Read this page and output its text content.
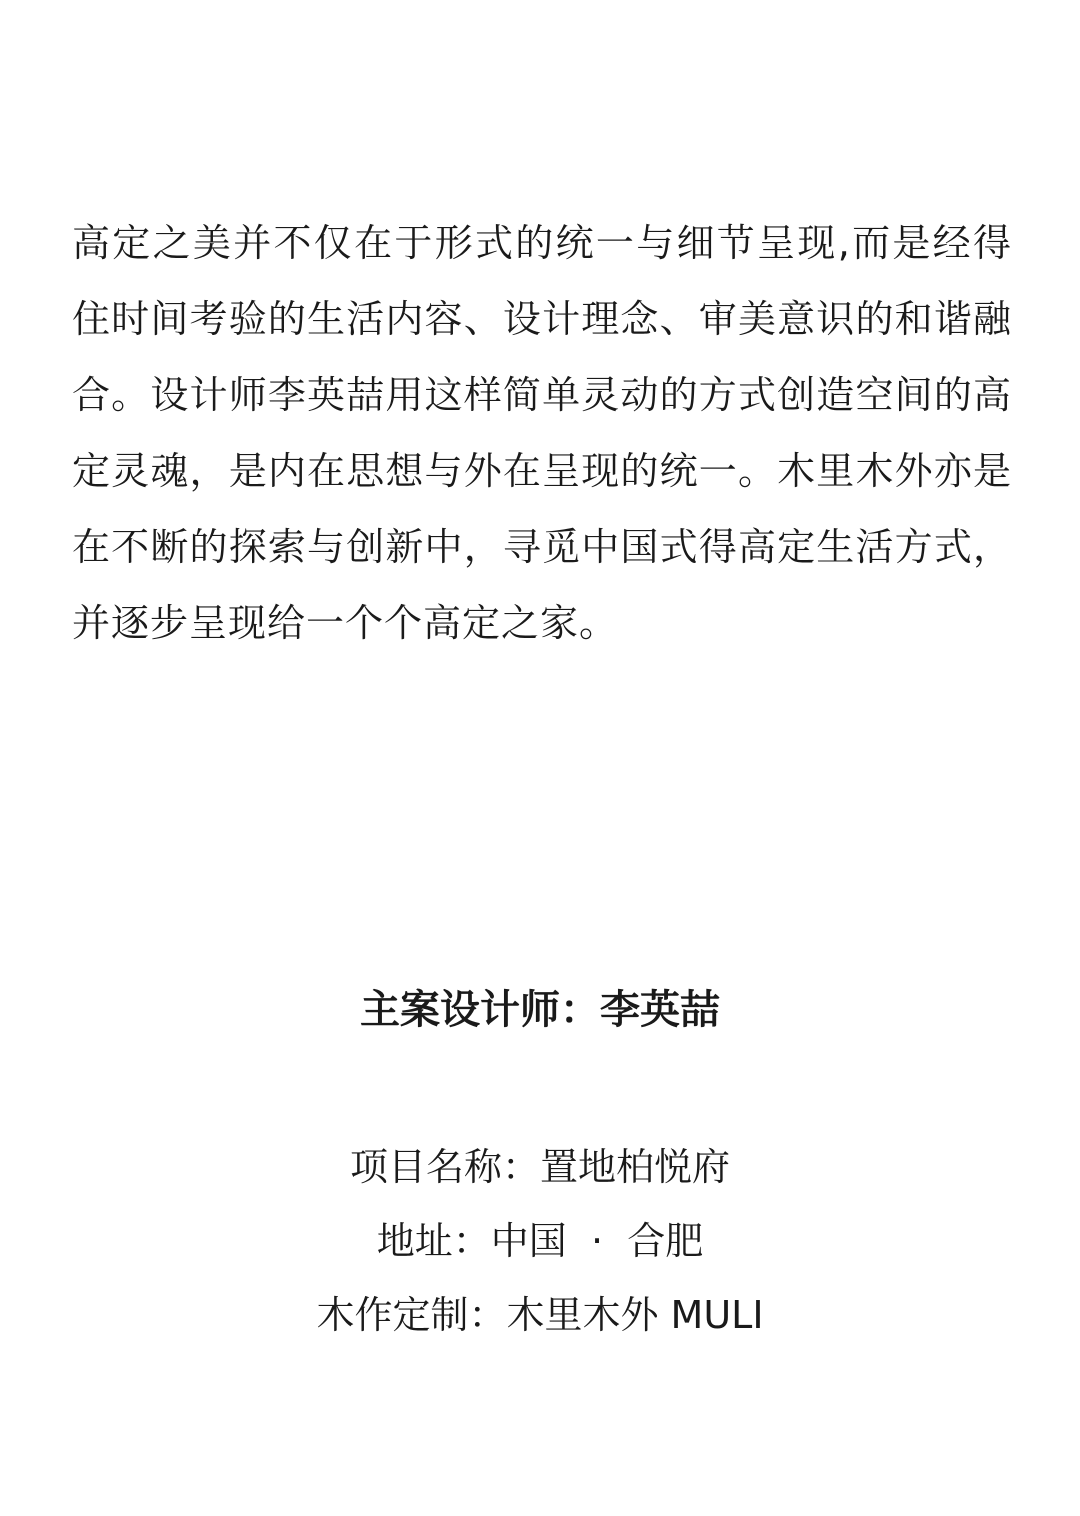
高定之美并不仅在于形式的统一与细节呈现,而是经得
住时间考验的生活内容、设计理念、审美意识的和谐融
合。设计师李英喆用这样简单灵动的方式创造空间的高
定灵魂，是内在思想与外在呈现的统一。木里木外亦是
在不断的探索与创新中，寻觅中国式得高定生活方式，
并逐步呈现给一个个高定之家。
主案设计师：李英喆
项目名称：置地柏悦府
地址：中国  ·  合肥
木作定制：木里木外 MULI
